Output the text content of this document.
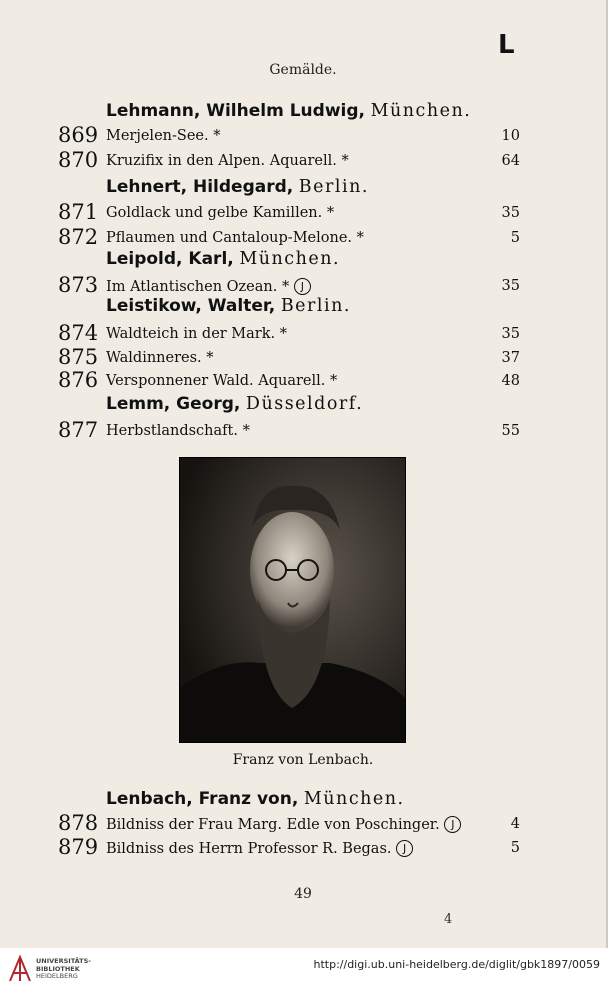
Gemälde.
L
Lehmann, Wilhelm Ludwig, München.
869 Merjelen-See. *	10
870 Kruzifix in den Alpen. Aquarell. *	64
Lehnert, Hildegard, Berlin.
871 Goldlack und gelbe Kamillen. *	35
872 Pflaumen und Cantaloup-Melone. *	5
Leipold, Karl, München.
873 Im Atlantischen Ozean. * J	35
Leistikow, Walter, Berlin.
874 Waldteich in der Mark. *	35
875 Waldinneres. *	37
876 Versponnener Wald. Aquarell. *	48
Lemm, Georg, Düsseldorf.
877 Herbstlandschaft. *	55
Franz von Lenbach.
Lenbach, Franz von, München.
878 Bildniss der Frau Marg. Edle von Poschinger. J	4
879 Bildniss des Herrn Professor R. Begas. J	5
49
4
UNIVERSITÄTS-
BIBLIOTHEK
HEIDELBERG
http://digi.ub.uni-heidelberg.de/diglit/gbk1897/0059
